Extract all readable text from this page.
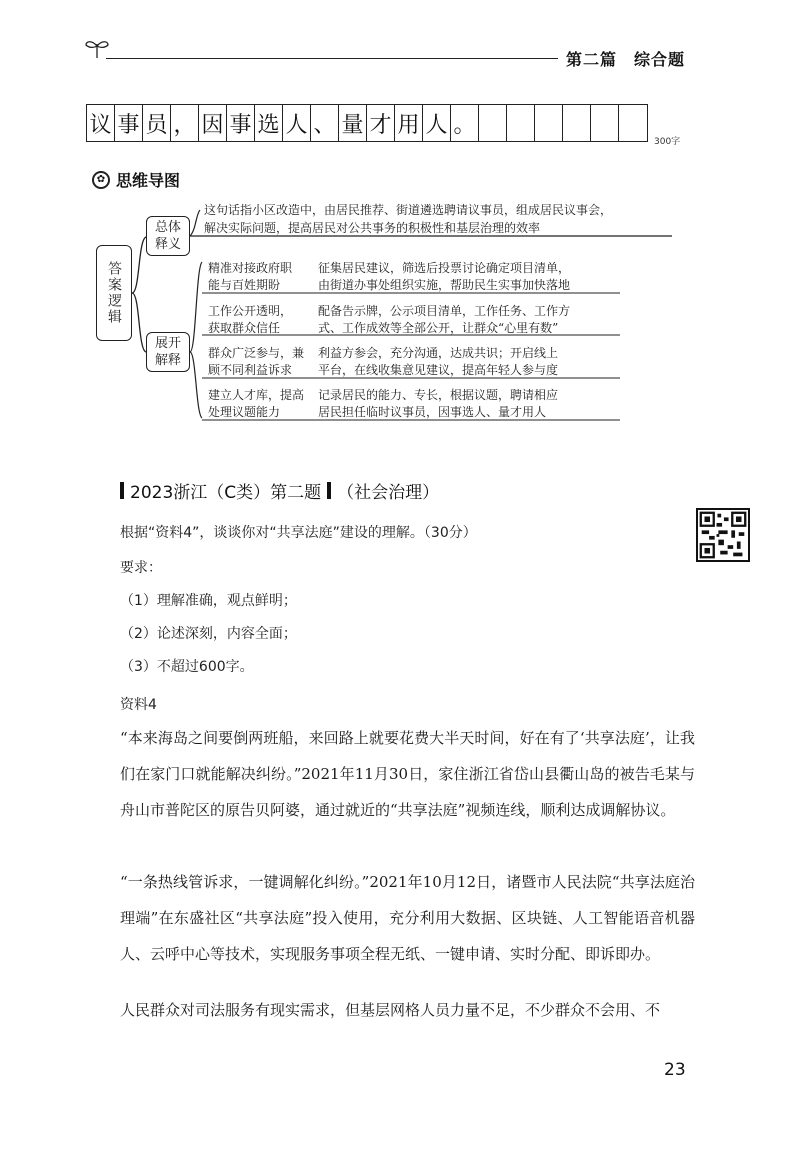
第二篇　综合题
议 事 员 ， 因 事 选 人 、 量 才 用 人 。
300字
✿ 思维导图
答案逻辑
总体
释义
展开
解释
这句话指小区改造中，由居民推荐、街道遴选聘请议事员，组成居民议事会，
解决实际问题，提高居民对公共事务的积极性和基层治理的效率
精准对接政府职
能与百姓期盼
征集居民建议，筛选后投票讨论确定项目清单，
由街道办事处组织实施，帮助民生实事加快落地
工作公开透明，
获取群众信任
配备告示牌，公示项目清单，工作任务、工作方
式、工作成效等全部公开，让群众“心里有数”
群众广泛参与，兼
顾不同利益诉求
利益方参会，充分沟通，达成共识；开启线上
平台，在线收集意见建议，提高年轻人参与度
建立人才库，提高
处理议题能力
记录居民的能力、专长，根据议题，聘请相应
居民担任临时议事员，因事选人、量才用人
2023浙江（C类）第二题 （社会治理）
根据“资料4”，谈谈你对“共享法庭”建设的理解。（30分）
要求：
（1）理解准确，观点鲜明；
（2）论述深刻，内容全面；
（3）不超过600字。
资料4
“本来海岛之间要倒两班船，来回路上就要花费大半天时间，好在有了‘共享法庭’，让我们在家门口就能解决纠纷。”2021年11月30日，家住浙江省岱山县衢山岛的被告毛某与舟山市普陀区的原告贝阿婆，通过就近的“共享法庭”视频连线，顺利达成调解协议。
“一条热线管诉求，一键调解化纠纷。”2021年10月12日，诸暨市人民法院“共享法庭治理端”在东盛社区“共享法庭”投入使用，充分利用大数据、区块链、人工智能语音机器人、云呼中心等技术，实现服务事项全程无纸、一键申请、实时分配、即诉即办。
人民群众对司法服务有现实需求，但基层网格人员力量不足，不少群众不会用、不
23
